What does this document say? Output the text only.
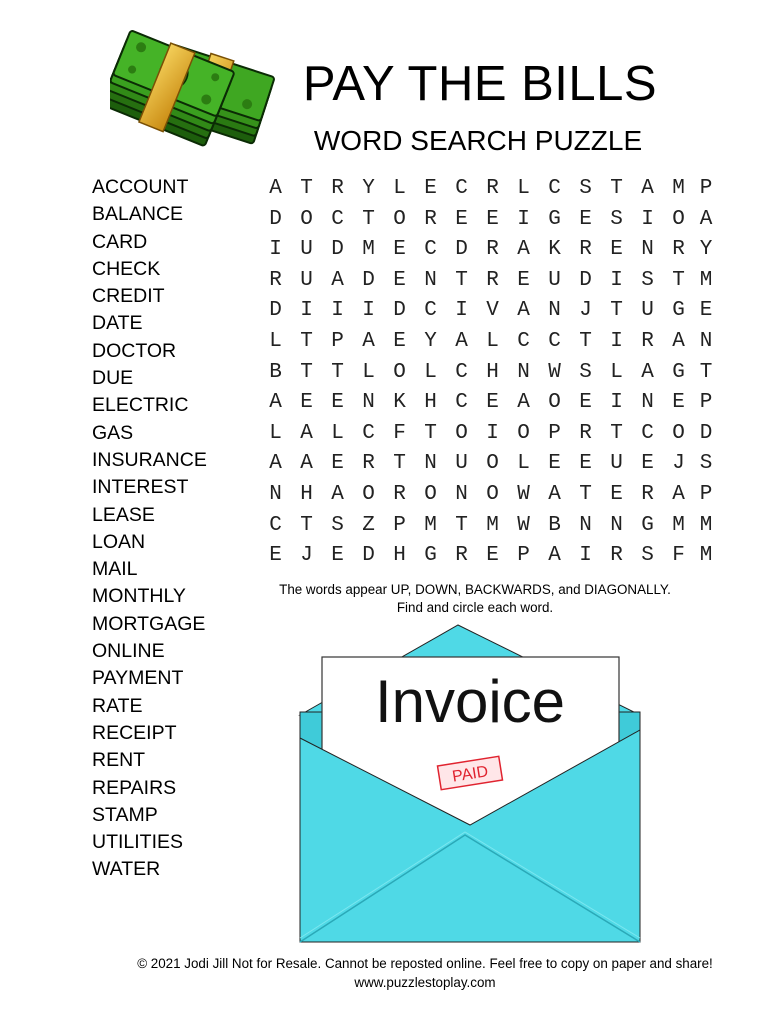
PAY THE BILLS
WORD SEARCH PUZZLE
ACCOUNT
BALANCE
CARD
CHECK
CREDIT
DATE
DOCTOR
DUE
ELECTRIC
GAS
INSURANCE
INTEREST
LEASE
LOAN
MAIL
MONTHLY
MORTGAGE
ONLINE
PAYMENT
RATE
RECEIPT
RENT
REPAIRS
STAMP
UTILITIES
WATER
A T R Y L E C R L C S T A M P
D O C T O R E E I G E S I O A
I U D M E C D R A K R E N R Y
R U A D E N T R E U D I S T M
D I I I D C I V A N J T U G E
L T P A E Y A L C C T I R A N
B T T L O L C H N W S L A G T
A E E N K H C E A O E I N E P
L A L C F T O I O P R T C O D
A A E R T N U O L E E U E J S
N H A O R O N O W A T E R A P
C T S Z P M T M W B N N G M M
E J E D H G R E P A I R S F M
The words appear UP, DOWN, BACKWARDS, and DIAGONALLY.
Find and circle each word.
Invoice
PAID
© 2021 Jodi Jill Not for Resale. Cannot be reposted online. Feel free to copy on paper and share!
www.puzzlestoplay.com
